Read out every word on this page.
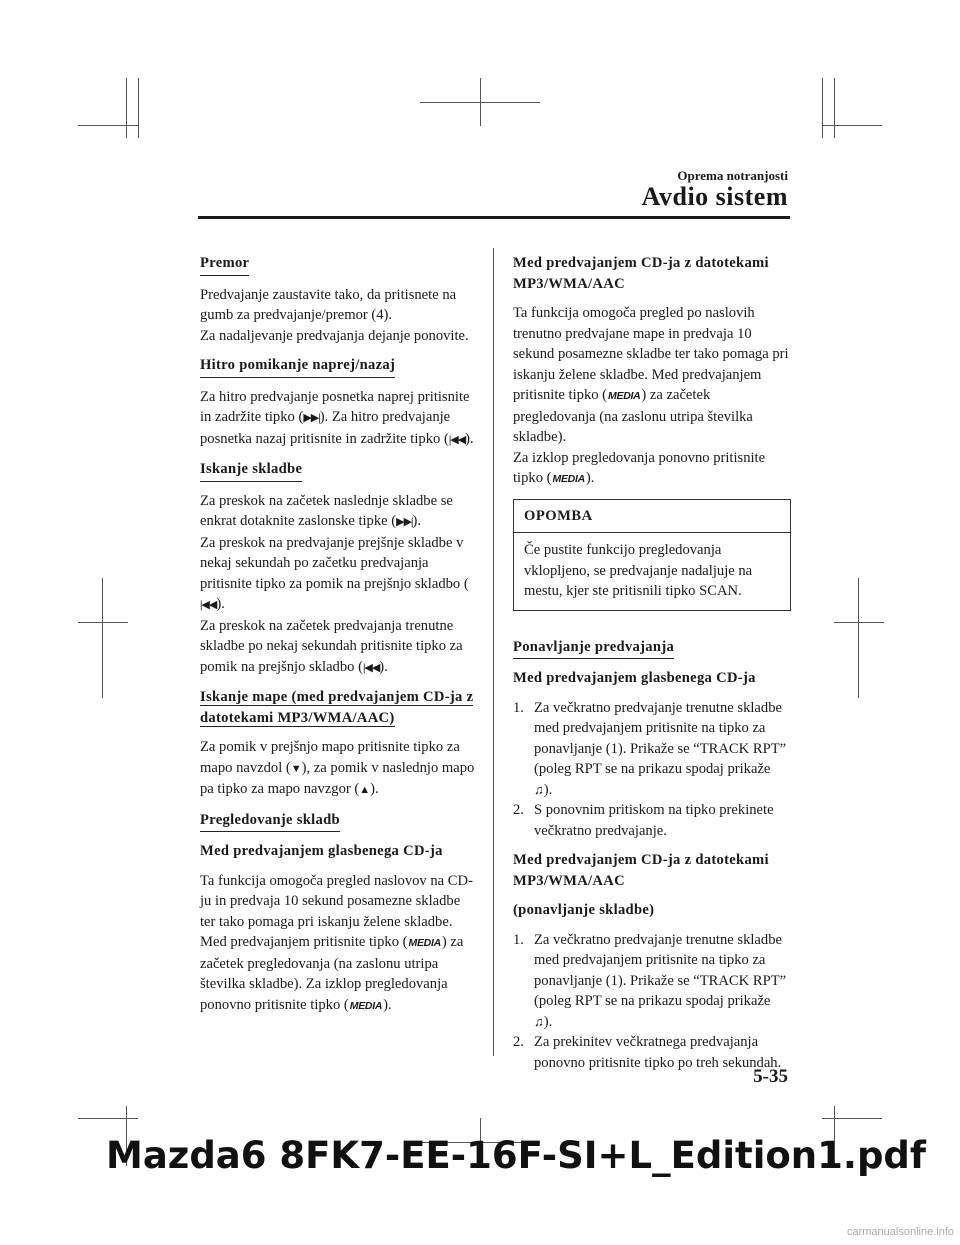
Oprema notranjosti
Avdio sistem
Premor

Predvajanje zaustavite tako, da pritisnete na gumb za predvajanje/premor (4).
Za nadaljevanje predvajanja dejanje ponovite.

Hitro pomikanje naprej/nazaj

Za hitro predvajanje posnetka naprej pritisnite in zadržite tipko (▶▶|). Za hitro predvajanje posnetka nazaj pritisnite in zadržite tipko (|◀◀).

Iskanje skladbe

Za preskok na začetek naslednje skladbe se enkrat dotaknite zaslonske tipke (▶▶|).
Za preskok na predvajanje prejšnje skladbe v nekaj sekundah po začetku predvajanja pritisnite tipko za pomik na prejšnjo skladbo (|◀◀).
Za preskok na začetek predvajanja trenutne skladbe po nekaj sekundah pritisnite tipko za pomik na prejšnjo skladbo (|◀◀).

Iskanje mape (med predvajanjem CD-ja z datotekami MP3/WMA/AAC)

Za pomik v prejšnjo mapo pritisnite tipko za mapo navzdol (▼), za pomik v naslednjo mapo pa tipko za mapo navzgor (▲).

Pregledovanje skladb
Med predvajanjem glasbenega CD-ja

Ta funkcija omogoča pregled naslovov na CD-ju in predvaja 10 sekund posamezne skladbe ter tako pomaga pri iskanju želene skladbe.
Med predvajanjem pritisnite tipko (MEDIA) za začetek pregledovanja (na zaslonu utripa številka skladbe). Za izklop pregledovanja ponovno pritisnite tipko (MEDIA).

Med predvajanjem CD-ja z datotekami MP3/WMA/AAC

Ta funkcija omogoča pregled po naslovih trenutno predvajane mape in predvaja 10 sekund posamezne skladbe ter tako pomaga pri iskanju želene skladbe. Med predvajanjem pritisnite tipko (MEDIA) za začetek pregledovanja (na zaslonu utripa številka skladbe).
Za izklop pregledovanja ponovno pritisnite tipko (MEDIA).

OPOMBA
Če pustite funkcijo pregledovanja vklopljeno, se predvajanje nadaljuje na mestu, kjer ste pritisnili tipko SCAN.
Ponavljanje predvajanja
Med predvajanjem glasbenega CD-ja
1. Za večkratno predvajanje trenutne skladbe med predvajanjem pritisnite na tipko za ponavljanje (1). Prikaže se “TRACK RPT” (poleg RPT se na prikazu spodaj prikaže ♫).
2. S ponovnim pritiskom na tipko prekinete večkratno predvajanje.
Med predvajanjem CD-ja z datotekami MP3/WMA/AAC
(ponavljanje skladbe)
1. Za večkratno predvajanje trenutne skladbe med predvajanjem pritisnite na tipko za ponavljanje (1). Prikaže se “TRACK RPT” (poleg RPT se na prikazu spodaj prikaže ♫).
2. Za prekinitev večkratnega predvajanja ponovno pritisnite tipko po treh sekundah.
5-35
Mazda6 8FK7-EE-16F-SI+L_Edition1.pdf
carmanualsonline.info
